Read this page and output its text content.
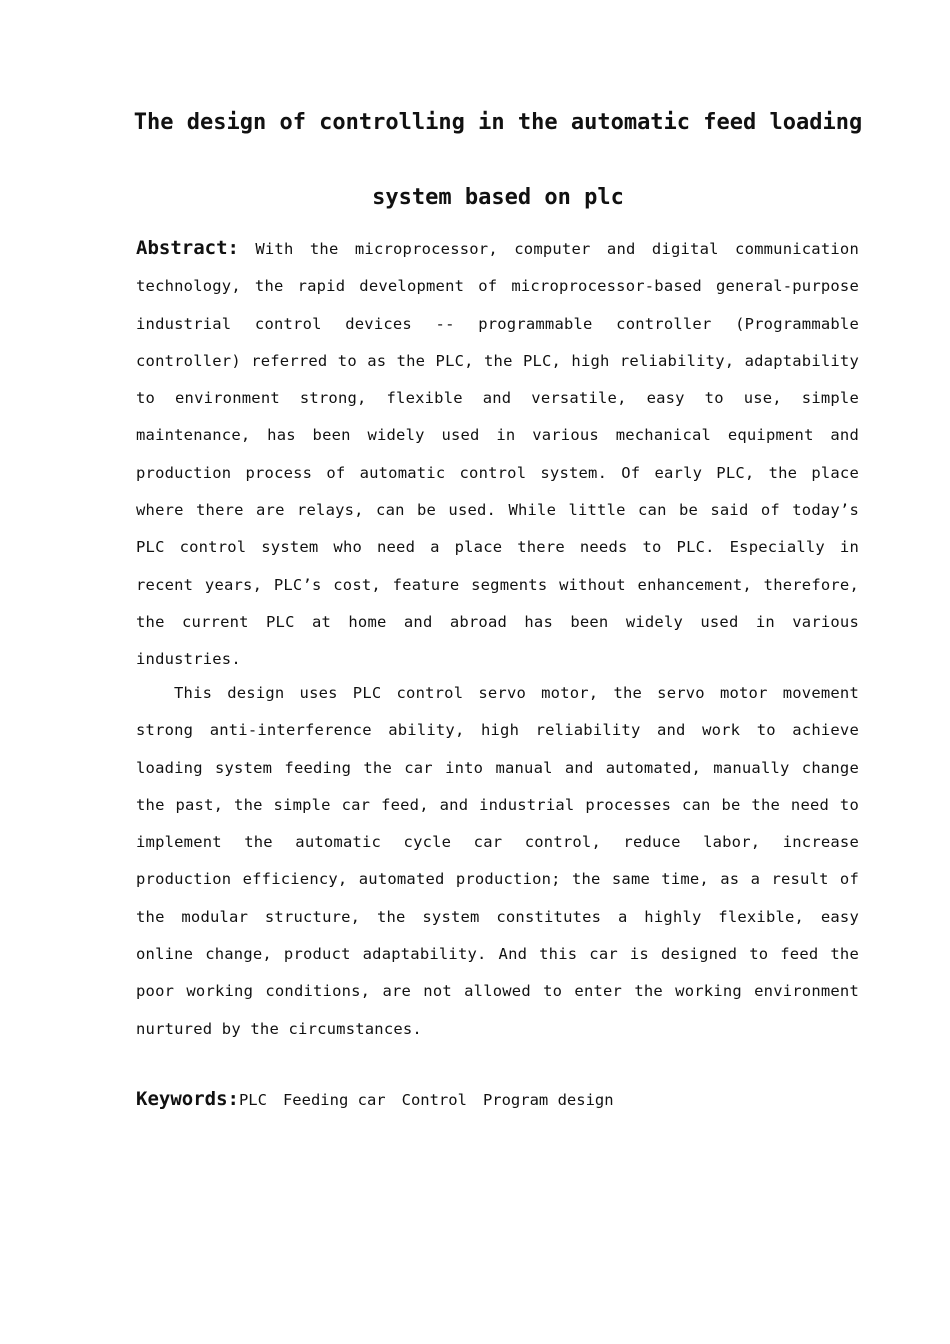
The design of controlling in the automatic feed loading
system based on plc

Abstract: With the microprocessor, computer and digital communication technology, the rapid development of microprocessor-based general-purpose industrial control devices -- programmable controller (Programmable controller) referred to as the PLC, the PLC, high reliability, adaptability to environment strong, flexible and versatile, easy to use, simple maintenance, has been widely used in various mechanical equipment and production process of automatic control system. Of early PLC, the place where there are relays, can be used. While little can be said of today’s PLC control system who need a place there needs to PLC. Especially in recent years, PLC’s cost, feature segments without enhancement, therefore, the current PLC at home and abroad has been widely used in various industries.

This design uses PLC control servo motor, the servo motor movement strong anti-interference ability, high reliability and work to achieve loading system feeding the car into manual and automated, manually change the past, the simple car feed, and industrial processes can be the need to implement the automatic cycle car control, reduce labor, increase production efficiency, automated production; the same time, as a result of the modular structure, the system constitutes a highly flexible, easy online change, product adaptability. And this car is designed to feed the poor working conditions, are not allowed to enter the working environment nurtured by the circumstances.

Keywords:PLC Feeding car Control Program design
